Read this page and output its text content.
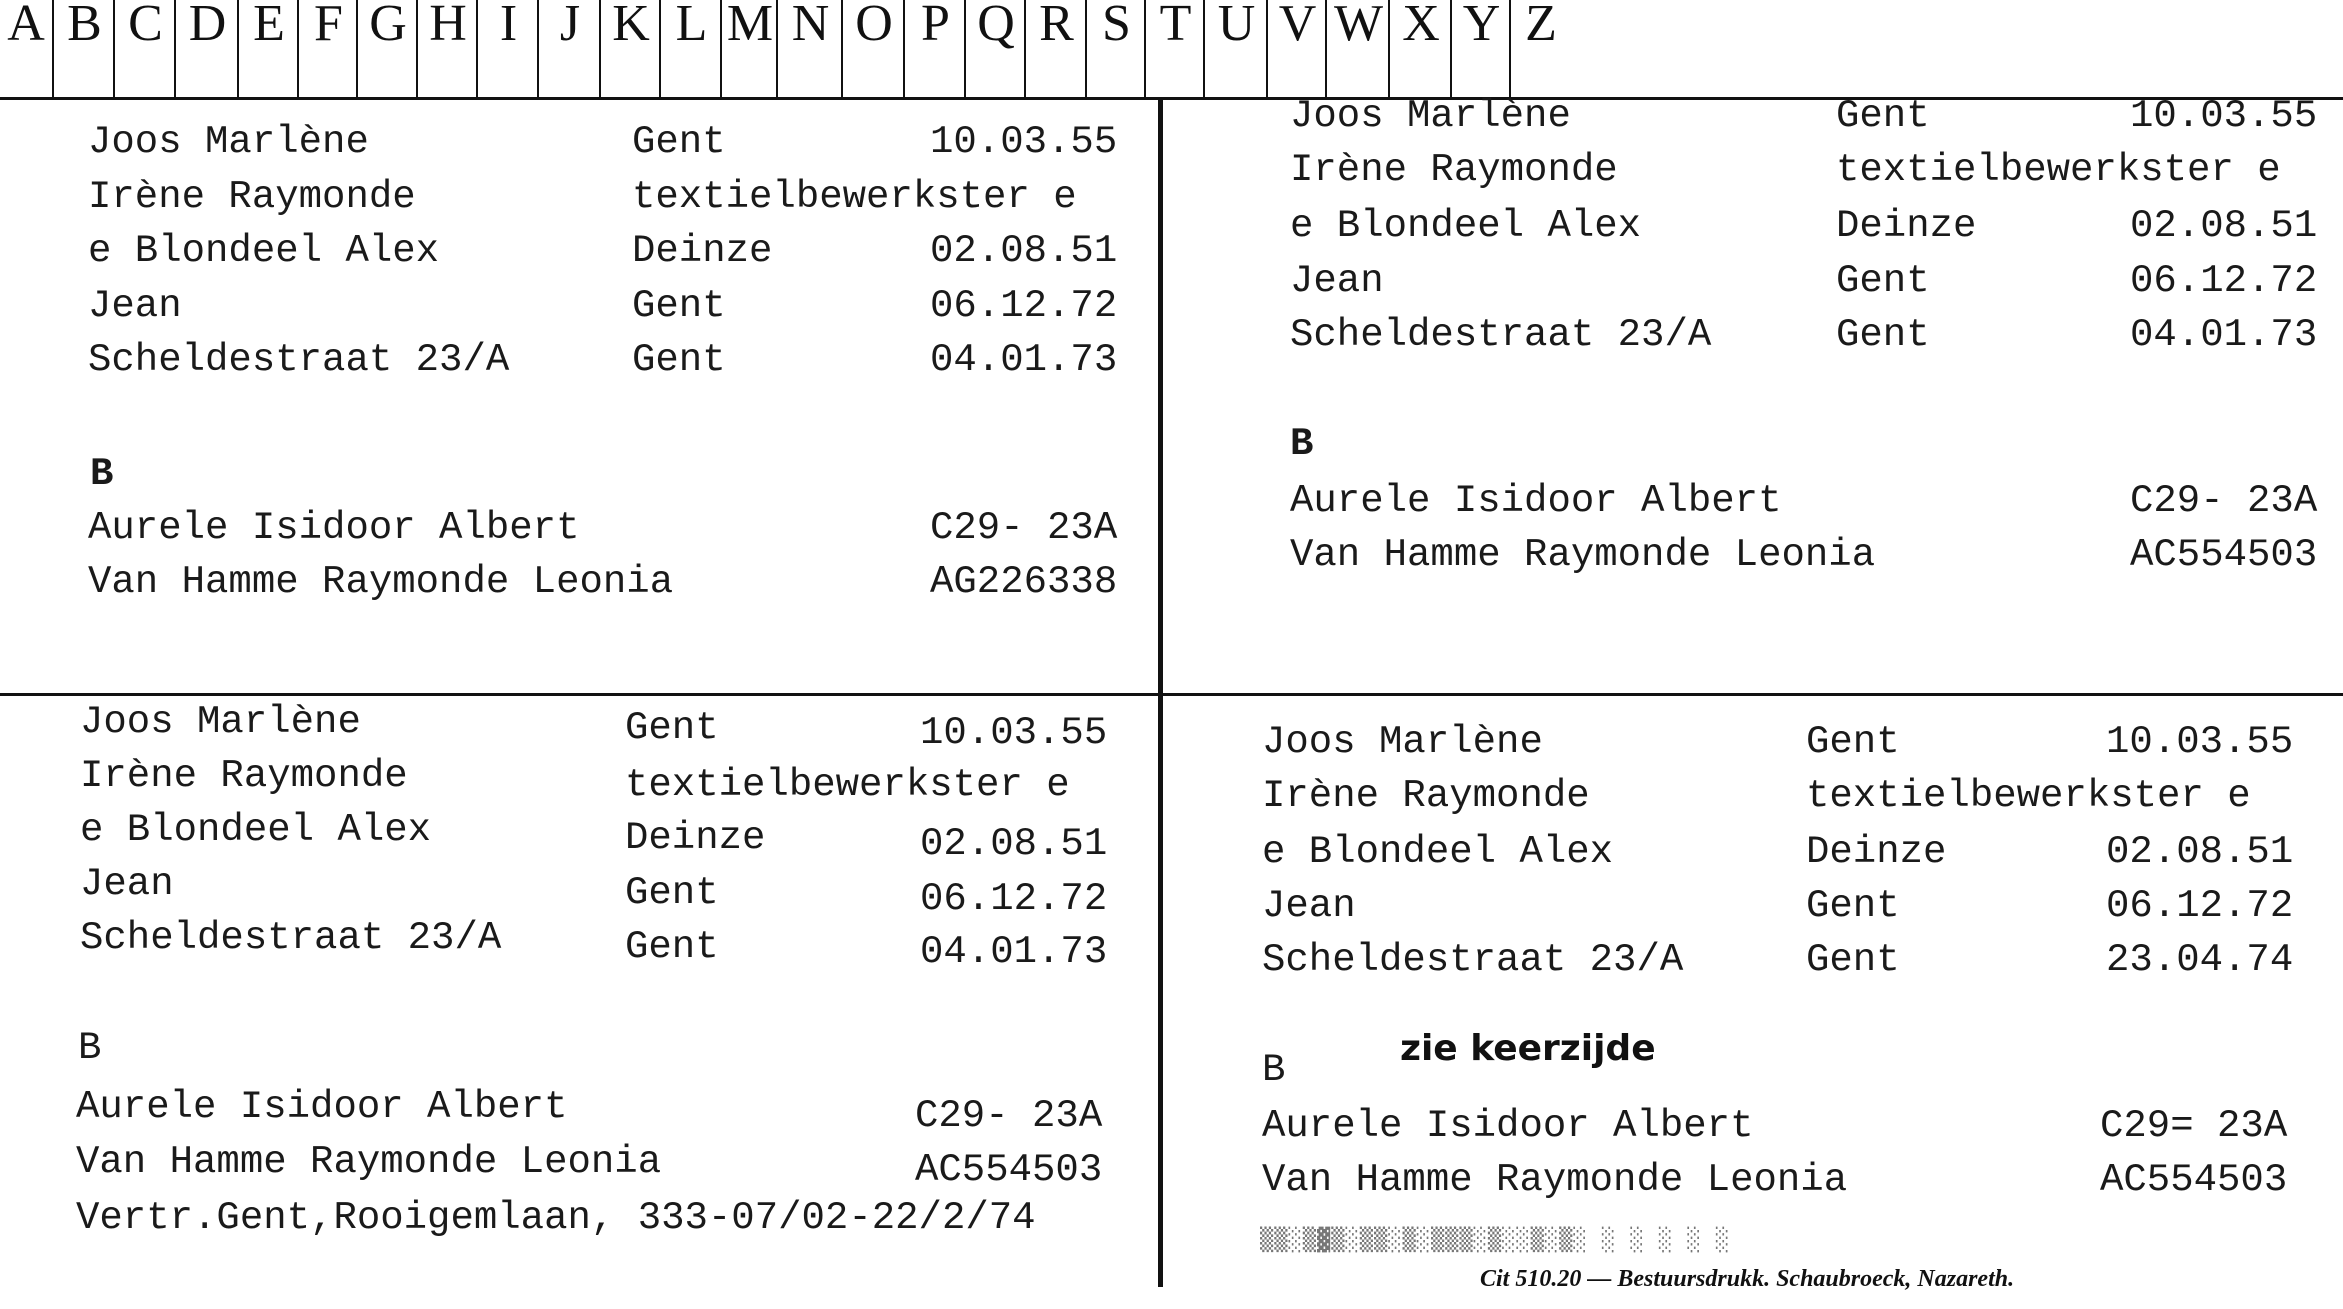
A B C D E F G H I J K L M N O P Q R S T U V W X Y Z
Joos Marlène	Gent	10.03.55
Irène Raymonde	textielbewerkster e
e Blondeel Alex	Deinze	02.08.51
Jean	Gent	06.12.72
Scheldestraat 23/A	Gent	04.01.73
B
Aurele Isidoor Albert	C29- 23A
Van Hamme Raymonde Leonia	AG226338
Joos Marlène	Gent	10.03.55
Irène Raymonde	textielbewerkster e
e Blondeel Alex	Deinze	02.08.51
Jean	Gent	06.12.72
Scheldestraat 23/A	Gent	04.01.73
B
Aurele Isidoor Albert	C29- 23A
Van Hamme Raymonde Leonia	AC554503
Joos Marlène	Gent	10.03.55
Irène Raymonde	textielbewerkster e
e Blondeel Alex	Deinze	02.08.51
Jean	Gent	06.12.72
Scheldestraat 23/A	Gent	04.01.73
B
Aurele Isidoor Albert	C29- 23A
Van Hamme Raymonde Leonia	AC554503
Vertr.Gent,Rooigemlaan, 333-07/02-22/2/74
Joos Marlène	Gent	10.03.55
Irène Raymonde	textielbewerkster e
e Blondeel Alex	Deinze	02.08.51
Jean	Gent	06.12.72
Scheldestraat 23/A	Gent	23.04.74
zie keerzijde
B
Aurele Isidoor Albert	C29= 23A
Van Hamme Raymonde Leonia	AC554503
▒▒░▒▓▒░▒▒░▒░▒▒▒░▒░░▒░▒░ ░ ░ ░ ░ ░
Cit 510.20 — Bestuursdrukk. Schaubroeck, Nazareth.
